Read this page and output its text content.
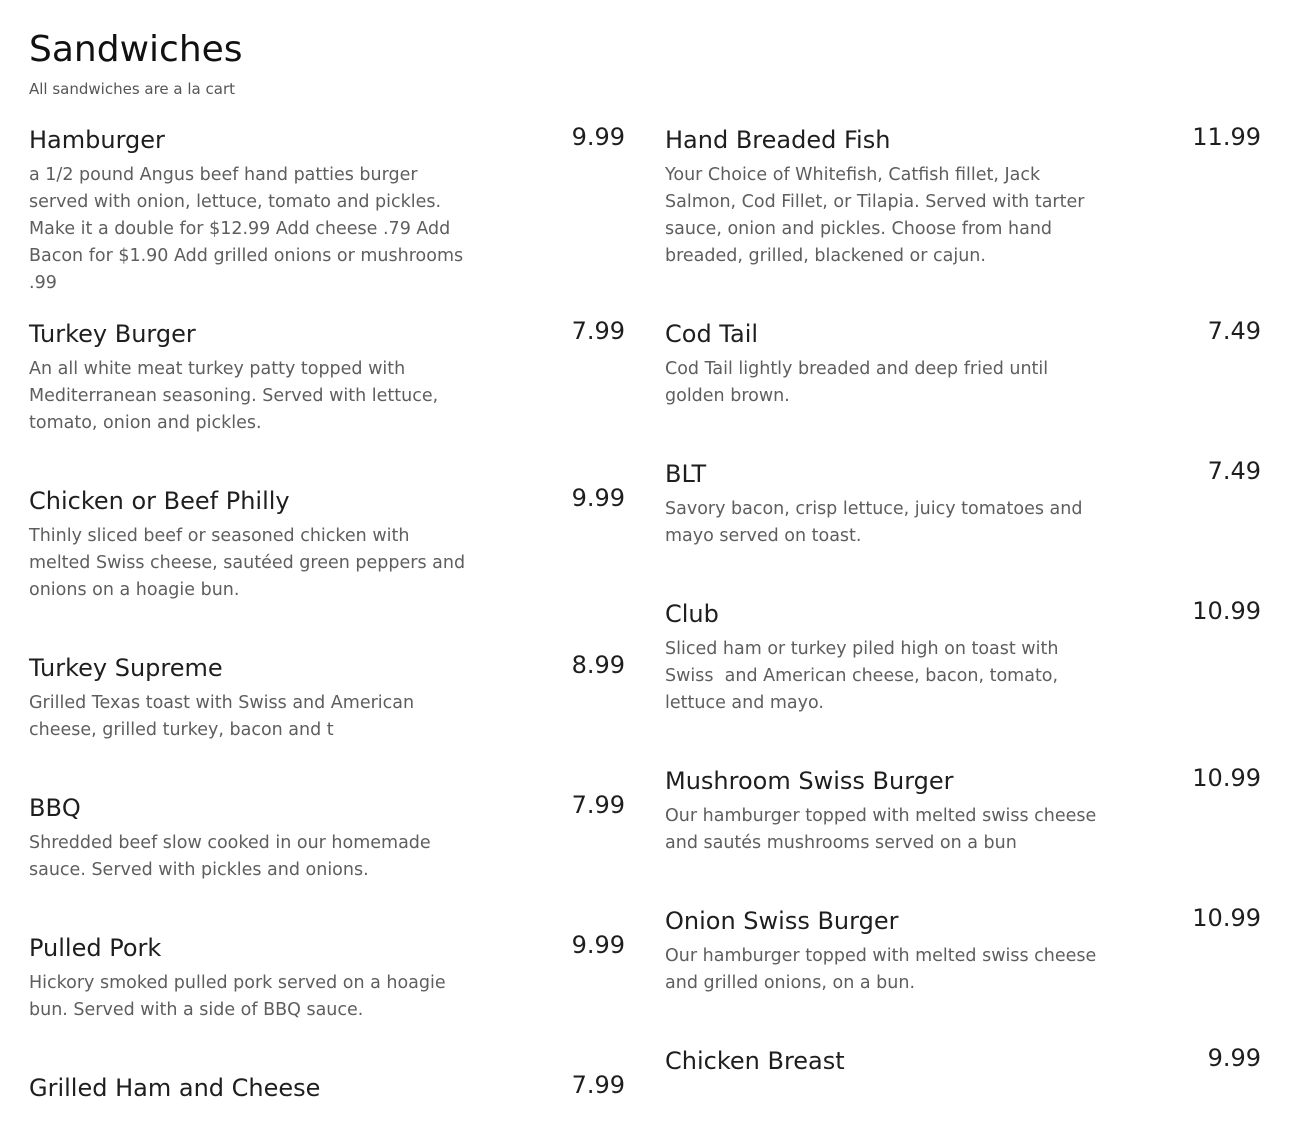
Sandwiches

All sandwiches are a la cart

Hamburger	9.99
a 1/2 pound Angus beef hand patties burger served with onion, lettuce, tomato and pickles. Make it a double for $12.99 Add cheese .79 Add Bacon for $1.90 Add grilled onions or mushrooms .99
Turkey Burger	7.99
An all white meat turkey patty topped with Mediterranean seasoning. Served with lettuce, tomato, onion and pickles.
Chicken or Beef Philly	9.99
Thinly sliced beef or seasoned chicken with melted Swiss cheese, sautéed green peppers and onions on a hoagie bun.
Turkey Supreme	8.99
Grilled Texas toast with Swiss and American cheese, grilled turkey, bacon and t
BBQ	7.99
Shredded beef slow cooked in our homemade sauce. Served with pickles and onions.
Pulled Pork	9.99
Hickory smoked pulled pork served on a hoagie bun. Served with a side of BBQ sauce.
Grilled Ham and Cheese	7.99
Hand Breaded Fish	11.99
Your Choice of Whitefish, Catfish fillet, Jack Salmon, Cod Fillet, or Tilapia. Served with tarter sauce, onion and pickles. Choose from hand breaded, grilled, blackened or cajun.
Cod Tail	7.49
Cod Tail lightly breaded and deep fried until golden brown.
BLT	7.49
Savory bacon, crisp lettuce, juicy tomatoes and mayo served on toast.
Club	10.99
Sliced ham or turkey piled high on toast with Swiss  and American cheese, bacon, tomato, lettuce and mayo.
Mushroom Swiss Burger	10.99
Our hamburger topped with melted swiss cheese and sautés mushrooms served on a bun
Onion Swiss Burger	10.99
Our hamburger topped with melted swiss cheese and grilled onions, on a bun.
Chicken Breast	9.99
